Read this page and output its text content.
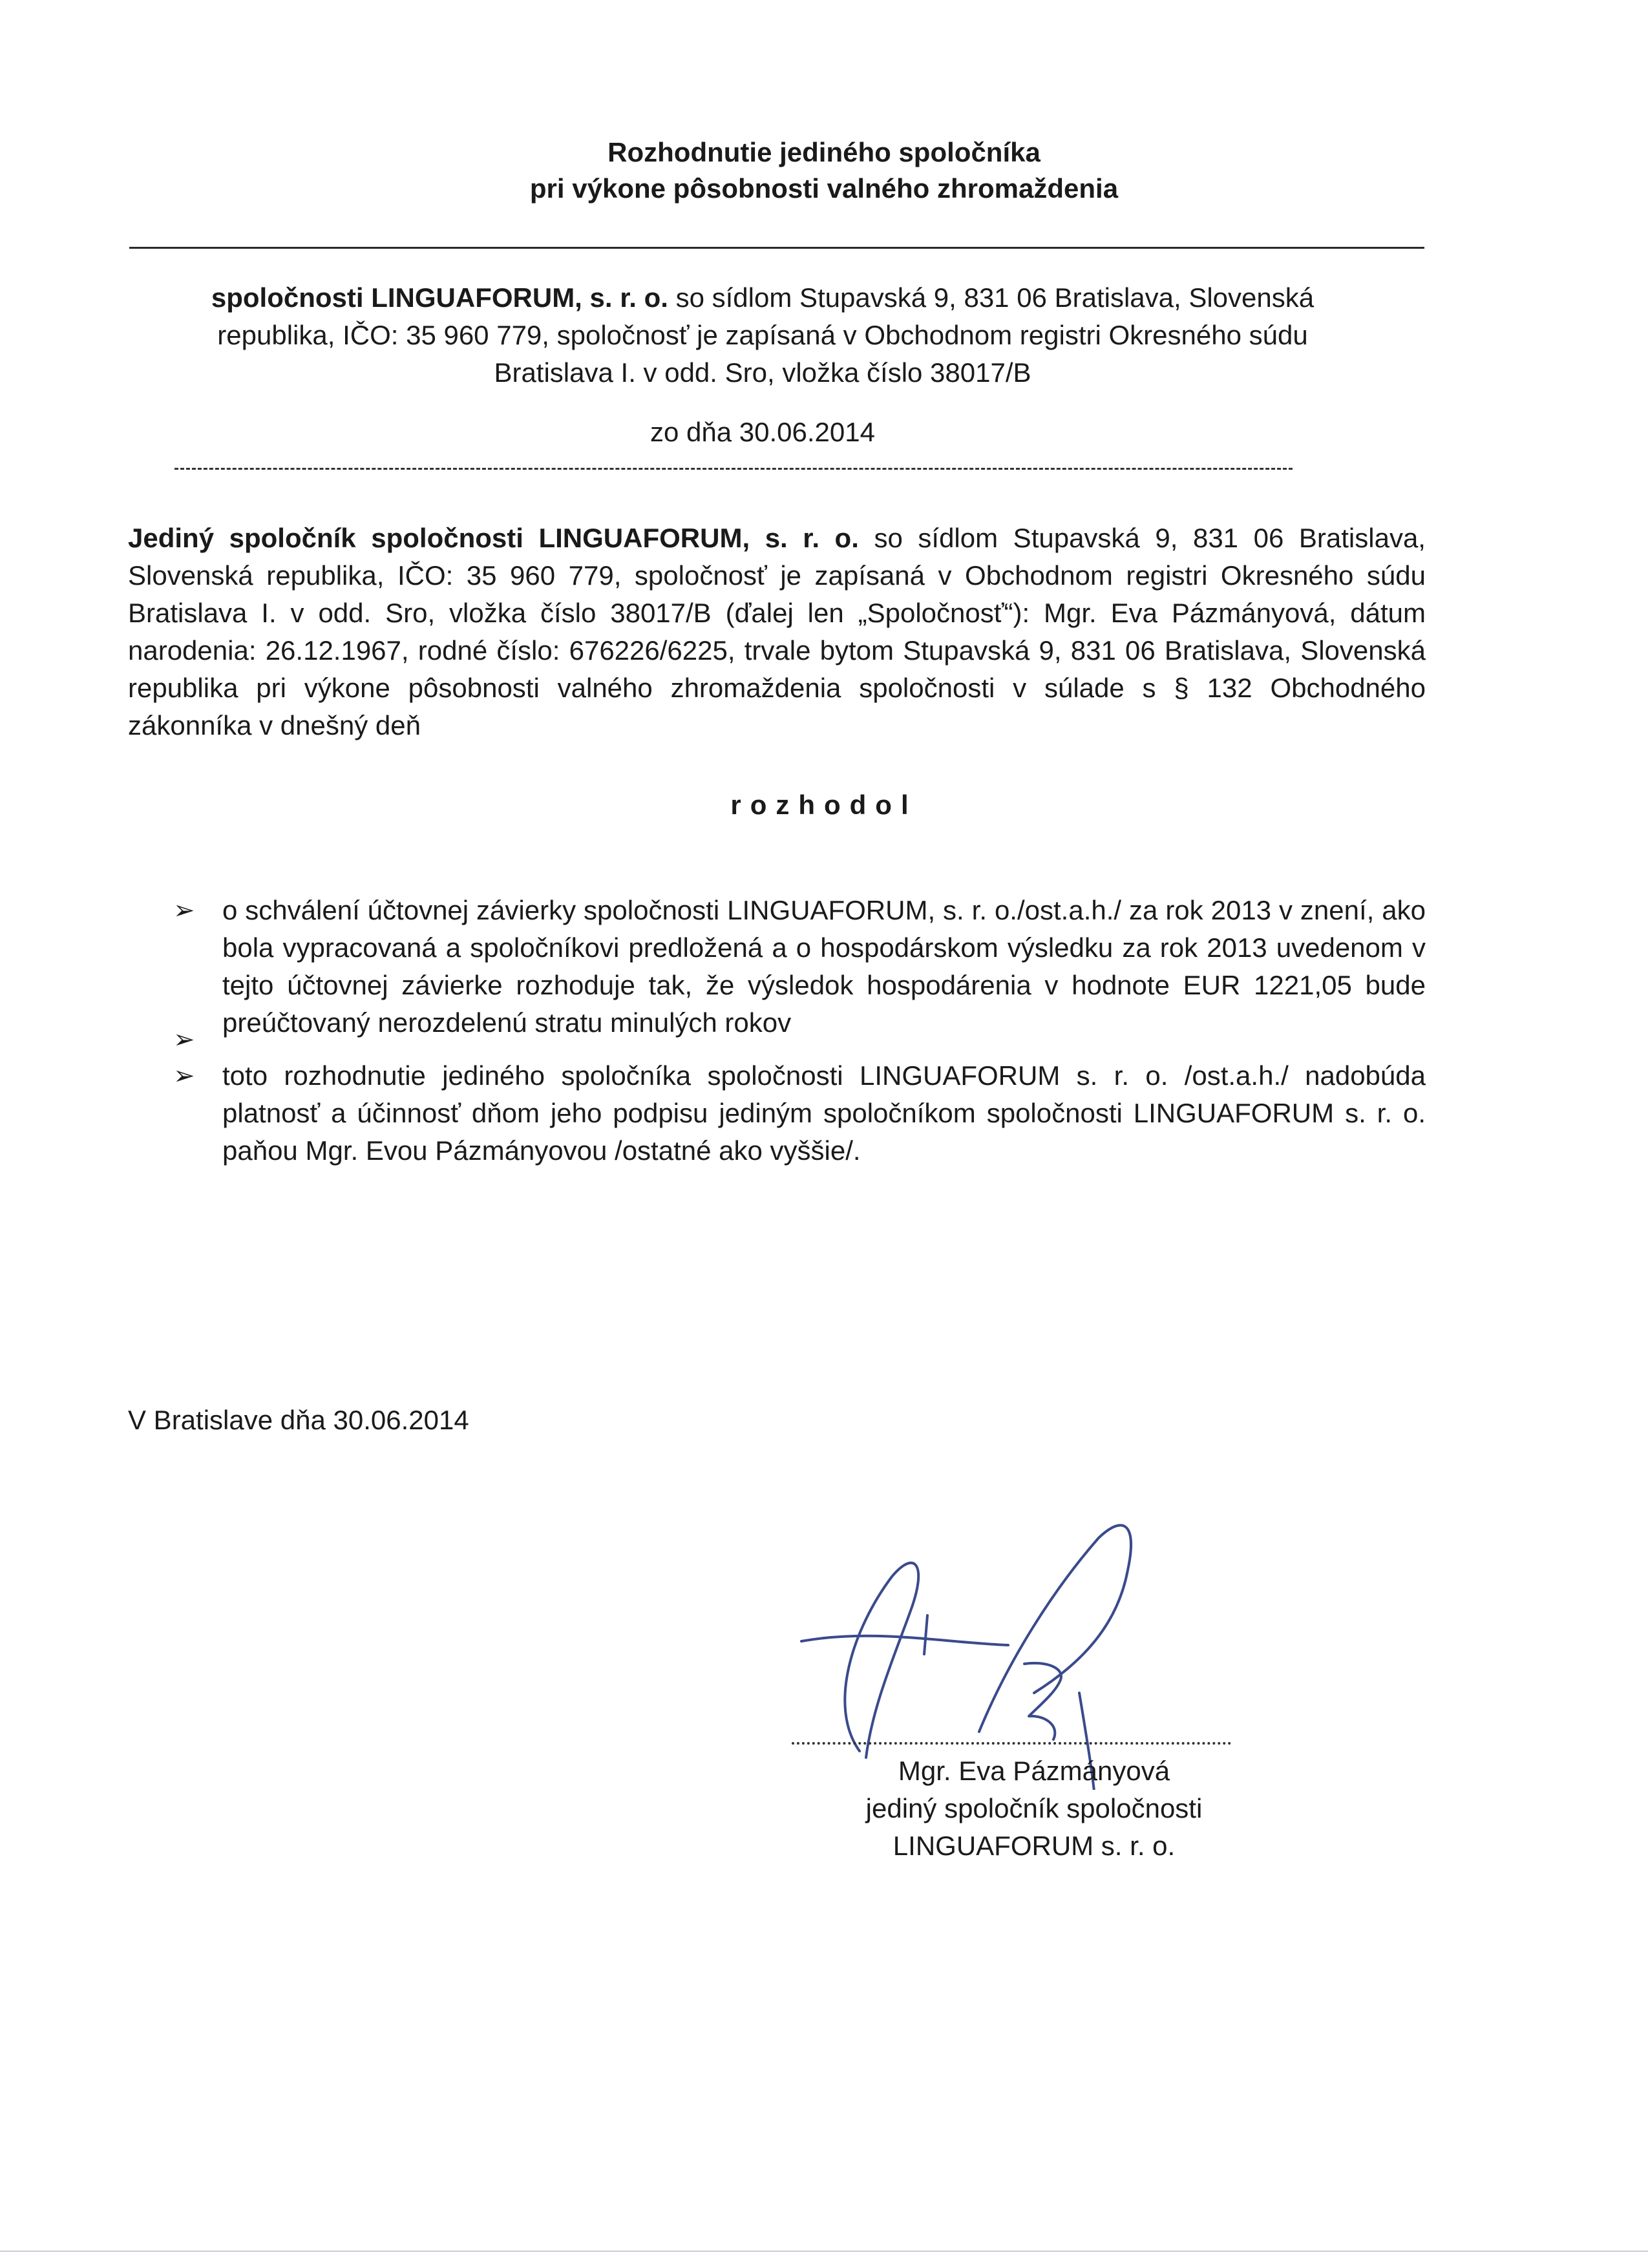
Rozhodnutie jediného spoločníka
pri výkone pôsobnosti valného zhromaždenia
spoločnosti LINGUAFORUM, s. r. o. so sídlom Stupavská 9, 831 06 Bratislava, Slovenská
republika, IČO: 35 960 779, spoločnosť je zapísaná v Obchodnom registri Okresného súdu
Bratislava I. v odd. Sro, vložka číslo 38017/B
zo dňa 30.06.2014
Jediný spoločník spoločnosti LINGUAFORUM, s. r. o. so sídlom Stupavská 9, 831 06 Bratislava, Slovenská republika, IČO: 35 960 779, spoločnosť je zapísaná v Obchodnom registri Okresného súdu Bratislava I. v odd. Sro, vložka číslo 38017/B (ďalej len „Spoločnosť“): Mgr. Eva Pázmányová, dátum narodenia: 26.12.1967, rodné číslo: 676226/6225, trvale bytom Stupavská 9, 831 06 Bratislava, Slovenská republika pri výkone pôsobnosti valného zhromaždenia spoločnosti v súlade s § 132 Obchodného zákonníka v dnešný deň
rozhodol
➢ o schválení účtovnej závierky spoločnosti LINGUAFORUM, s. r. o./ost.a.h./ za rok 2013 v znení, ako bola vypracovaná a spoločníkovi predložená a o hospodárskom výsledku za rok 2013 uvedenom v tejto účtovnej závierke rozhoduje tak, že výsledok hospodárenia v hodnote EUR 1221,05 bude preúčtovaný nerozdelenú stratu minulých rokov
➢
➢ toto rozhodnutie jediného spoločníka spoločnosti LINGUAFORUM s. r. o. /ost.a.h./ nadobúda platnosť a účinnosť dňom jeho podpisu jediným spoločníkom spoločnosti LINGUAFORUM s. r. o. paňou Mgr. Evou Pázmányovou /ostatné ako vyššie/.
V Bratislave dňa 30.06.2014
Mgr. Eva Pázmányová
jediný spoločník spoločnosti
LINGUAFORUM s. r. o.
